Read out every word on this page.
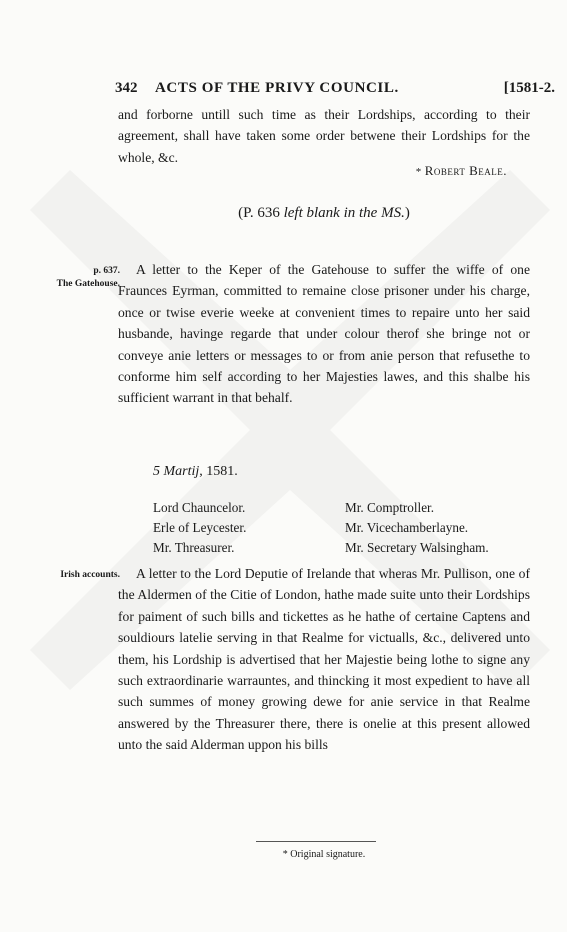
342 ACTS OF THE PRIVY COUNCIL.	[1581-2.
and forborne untill such time as their Lordships, according to their agreement, shall have taken some order betwene their Lordships for the whole, &c.
* Robert Beale.
(P. 636 left blank in the MS.)
p. 637.
The Gatehouse.
A letter to the Keper of the Gatehouse to suffer the wiffe of one Fraunces Eyrman, committed to remaine close prisoner under his charge, once or twise everie weeke at convenient times to repaire unto her said husbande, havinge regarde that under colour therof she bringe not or conveye anie letters or messages to or from anie person that refusethe to conforme him self according to her Majesties lawes, and this shalbe his sufficient warrant in that behalf.
5 Martij, 1581.
Lord Chauncelor.
Erle of Leycester.
Mr. Threasurer.
Mr. Comptroller.
Mr. Vicechamberlayne.
Mr. Secretary Walsingham.
Irish accounts.	A letter to the Lord Deputie of Irelande that wheras Mr. Pullison, one of the Aldermen of the Citie of London, hathe made suite unto their Lordships for paiment of such bills and tickettes as he hathe of certaine Captens and souldiours latelie serving in that Realme for victualls, &c., delivered unto them, his Lordship is advertised that her Majestie being lothe to signe any such extraordinarie warrauntes, and thincking it most expedient to have all such summes of money growing dewe for anie service in that Realme answered by the Threasurer there, there is onelie at this present allowed unto the said Alderman uppon his bills
* Original signature.
